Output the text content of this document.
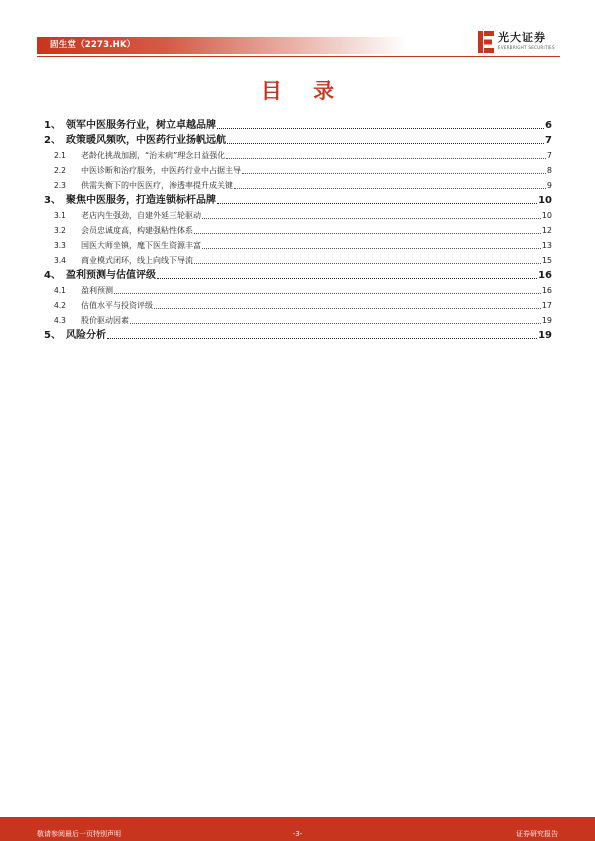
固生堂（2273.HK）
光大证券
EVERBRIGHT SECURITIES
目 录
1、 领军中医服务行业，树立卓越品牌	6
2、 政策暖风频吹，中医药行业扬帆远航	7
2.1	老龄化挑战加剧，“治未病”理念日益强化	7
2.2	中医诊断和治疗服务，中医药行业中占据主导	8
2.3	供需失衡下的中医医疗，渗透率提升成关键	9
3、 聚焦中医服务，打造连锁标杆品牌	10
3.1	老店内生强劲，自建外延三轮驱动	10
3.2	会员忠诚度高，构建强粘性体系	12
3.3	国医大师坐镇，麾下医生资源丰富	13
3.4	商业模式闭环，线上向线下导流	15
4、 盈利预测与估值评级	16
4.1	盈利预测	16
4.2	估值水平与投资评级	17
4.3	股价驱动因素	19
5、 风险分析	19
敬请参阅最后一页特别声明	-3-	证券研究报告
